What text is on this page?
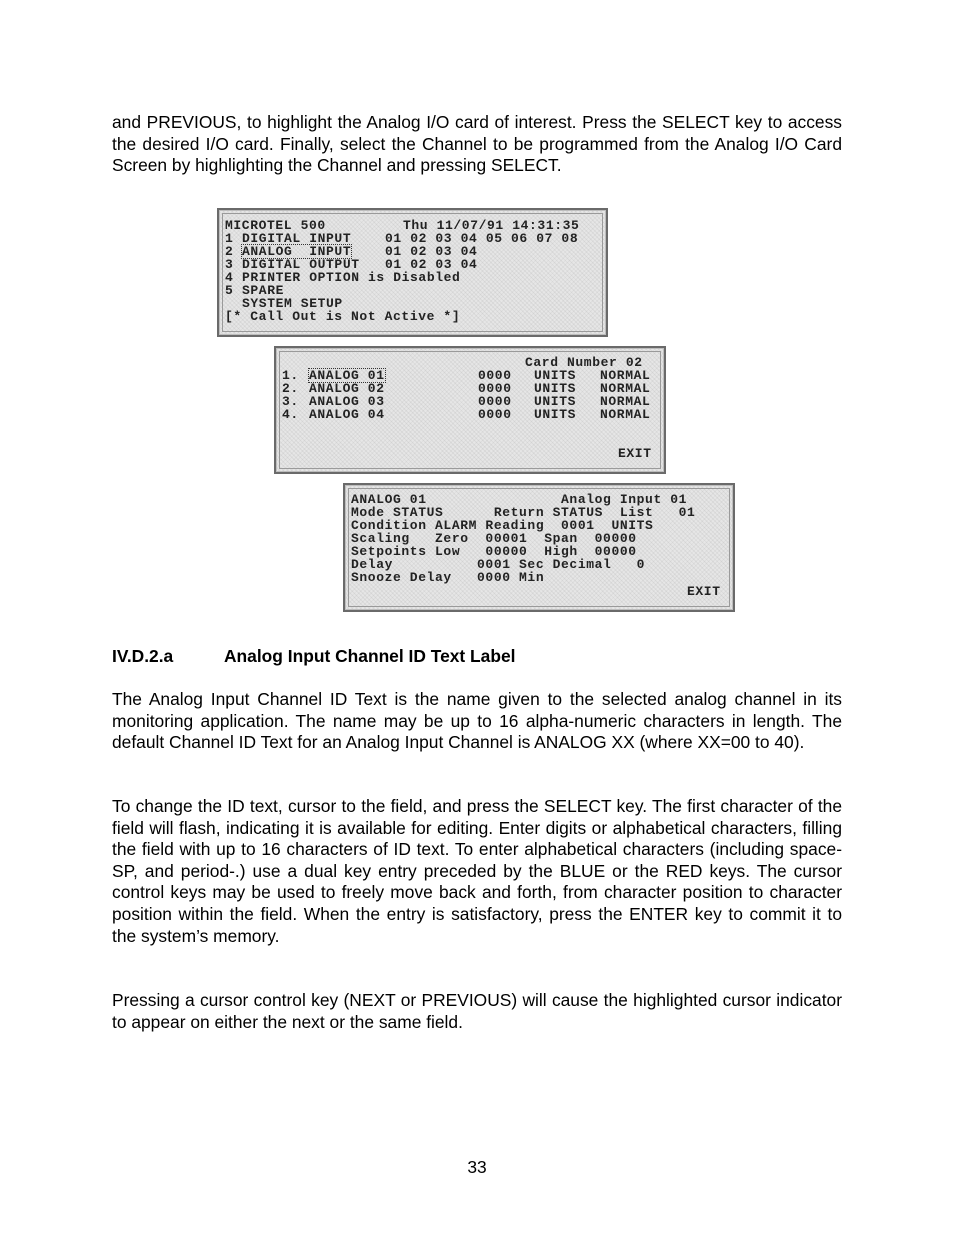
and PREVIOUS, to highlight the Analog I/O card of interest. Press the SELECT key to access the desired I/O card. Finally, select the Channel to be programmed from the Analog I/O Card Screen by highlighting the Channel and pressing SELECT.

MICROTEL 500	Thu 11/07/91 14:31:35
1 DIGITAL INPUT	01 02 03 04 05 06 07 08
2 ANALOG  INPUT	01 02 03 04
3 DIGITAL OUTPUT 01 02 03 04
4 PRINTER OPTION is Disabled
5 SPARE
SYSTEM SETUP
[* Call Out is Not Active *]
Card Number 02
1. ANALOG 01	0000 UNITS NORMAL
2. ANALOG 02	0000 UNITS NORMAL
3. ANALOG 03	0000 UNITS NORMAL
4. ANALOG 04	0000 UNITS NORMAL
EXIT
ANALOG 01                Analog Input 01
Mode STATUS      Return STATUS  List   01
Condition ALARM Reading  0001  UNITS
Scaling   Zero  00001  Span  00000
Setpoints Low   00000  High  00000
Delay          0001 Sec Decimal   0
Snooze Delay   0000 Min
EXIT
IV.D.2.a	Analog Input Channel ID Text Label

The Analog Input Channel ID Text is the name given to the selected analog channel in its monitoring application. The name may be up to 16 alpha-numeric characters in length. The default Channel ID Text for an Analog Input Channel is ANALOG XX (where XX=00 to 40).

To change the ID text, cursor to the field, and press the SELECT key. The first character of the field will flash, indicating it is available for editing. Enter digits or alphabetical characters, filling the field with up to 16 characters of ID text. To enter alphabetical characters (including space-SP, and period-.) use a dual key entry preceded by the BLUE or the RED keys. The cursor control keys may be used to freely move back and forth, from character position to character position within the field. When the entry is satisfactory, press the ENTER key to commit it to the system’s memory.

Pressing a cursor control key (NEXT or PREVIOUS) will cause the highlighted cursor indicator to appear on either the next or the same field.

33
